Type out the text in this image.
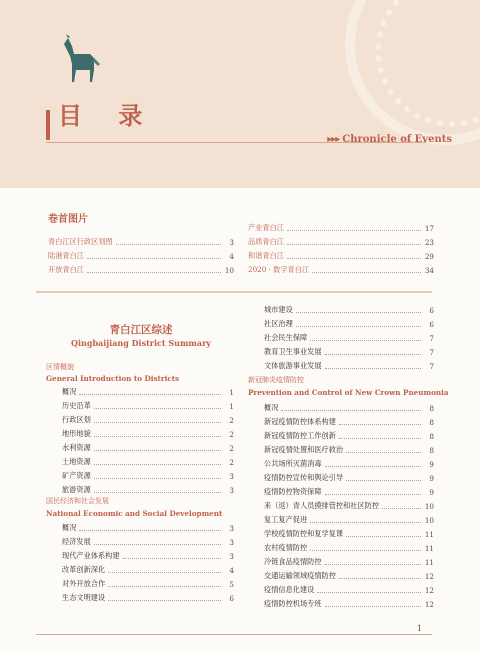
目 录
▸▸▸ Chronicle of Events
卷首图片
青白江区行政区划图	3
陆港青白江	4
开放青白江	10
产业青白江	17
品质青白江	23
和谐青白江	29
2020 · 数字青白江	34
青白江区综述
Qingbaijiang District Summary
区情概貌
General Introduction to Districts
概况	1
历史沿革	1
行政区划	2
地形地貌	2
水利资源	2
土地资源	2
矿产资源	3
旅游资源	3
国民经济和社会发展
National Economic and Social Development
概况	3
经济发展	3
现代产业体系构建	3
改革创新深化	4
对外开放合作	5
生态文明建设	6
城市建设	6
社区治理	6
社会民生保障	7
教育卫生事业发展	7
文体旅游事业发展	7
新冠肺炎疫情防控
Prevention and Control of New Crown Pneumonia
概况	8
新冠疫情防控体系构建	8
新冠疫情防控工作创新	8
新冠疫情处置和医疗救治	8
公共场所灭菌消毒	9
疫情防控宣传和舆论引导	9
疫情防控物资保障	9
来（返）青人员摸排管控和社区防控	10
复工复产促进	10
学校疫情防控和复学复课	11
农村疫情防控	11
冷链食品疫情防控	11
交通运输领域疫情防控	12
疫情信息化建设	12
疫情防控机场专班	12
1
